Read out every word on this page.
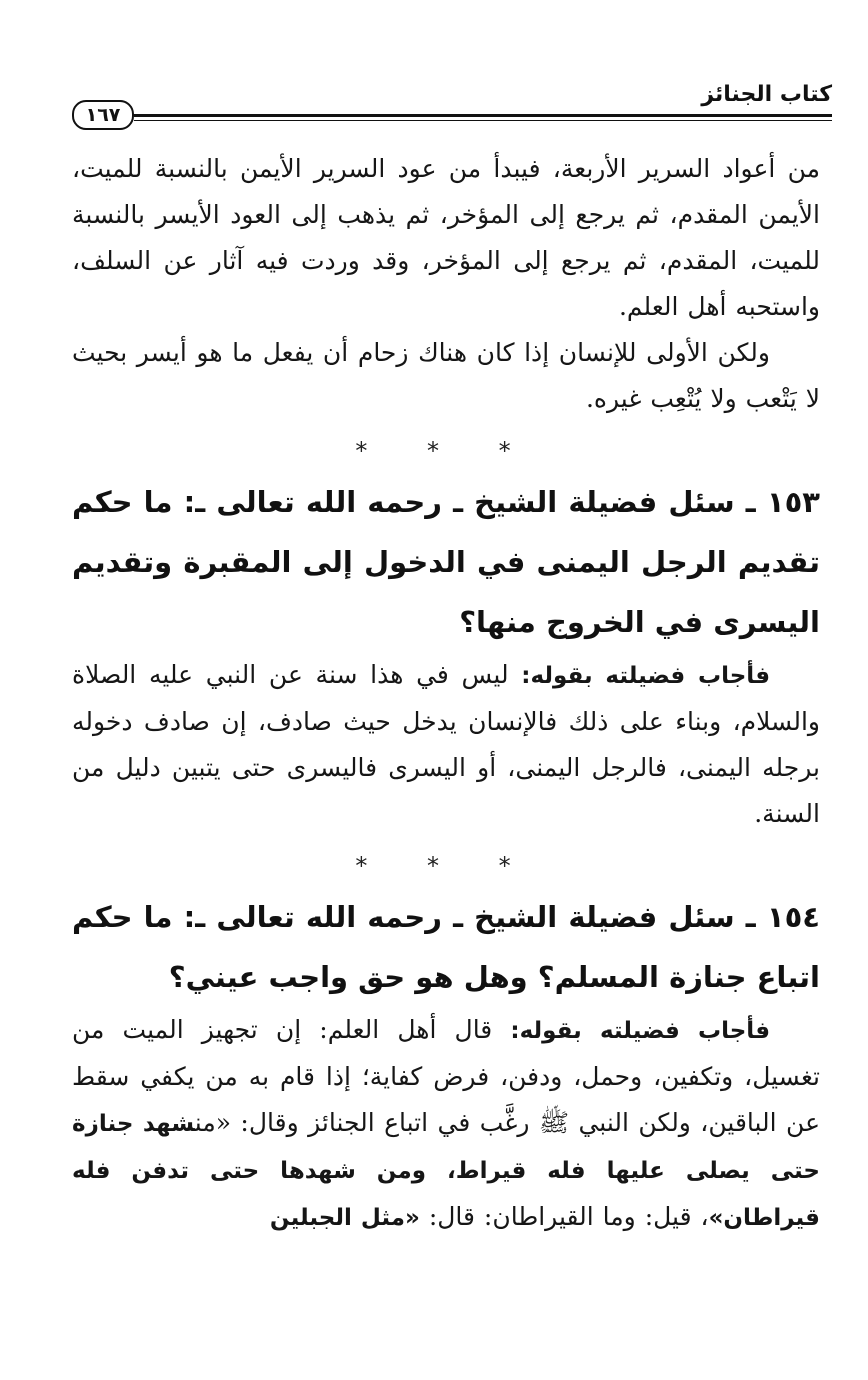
كتاب الجنائز
١٦٧

من أعواد السرير الأربعة، فيبدأ من عود السرير الأيمن بالنسبة للميت، الأيمن المقدم، ثم يرجع إلى المؤخر، ثم يذهب إلى العود الأيسر بالنسبة للميت، المقدم، ثم يرجع إلى المؤخر، وقد وردت فيه آثار عن السلف، واستحبه أهل العلم.

ولكن الأولى للإنسان إذا كان هناك زحام أن يفعل ما هو أيسر بحيث لا يَتْعب ولا يُتْعِب غيره.

* * *

١٥٣ ـ سئل فضيلة الشيخ ـ رحمه الله تعالى ـ: ما حكم تقديم الرجل اليمنى في الدخول إلى المقبرة وتقديم اليسرى في الخروج منها؟

فأجاب فضيلته بقوله: ليس في هذا سنة عن النبي عليه الصلاة والسلام، وبناء على ذلك فالإنسان يدخل حيث صادف، إن صادف دخوله برجله اليمنى، فالرجل اليمنى، أو اليسرى فاليسرى حتى يتبين دليل من السنة.

* * *

١٥٤ ـ سئل فضيلة الشيخ ـ رحمه الله تعالى ـ: ما حكم اتباع جنازة المسلم؟ وهل هو حق واجب عيني؟

فأجاب فضيلته بقوله: قال أهل العلم: إن تجهيز الميت من تغسيل، وتكفين، وحمل، ودفن، فرض كفاية؛ إذا قام به من يكفي سقط عن الباقين، ولكن النبي ﷺ رغَّب في اتباع الجنائز وقال: «منشهد جنازة حتى يصلى عليها فله قيراط، ومن شهدها حتى تدفن فله قيراطان»، قيل: وما القيراطان: قال: «مثل الجبلين
